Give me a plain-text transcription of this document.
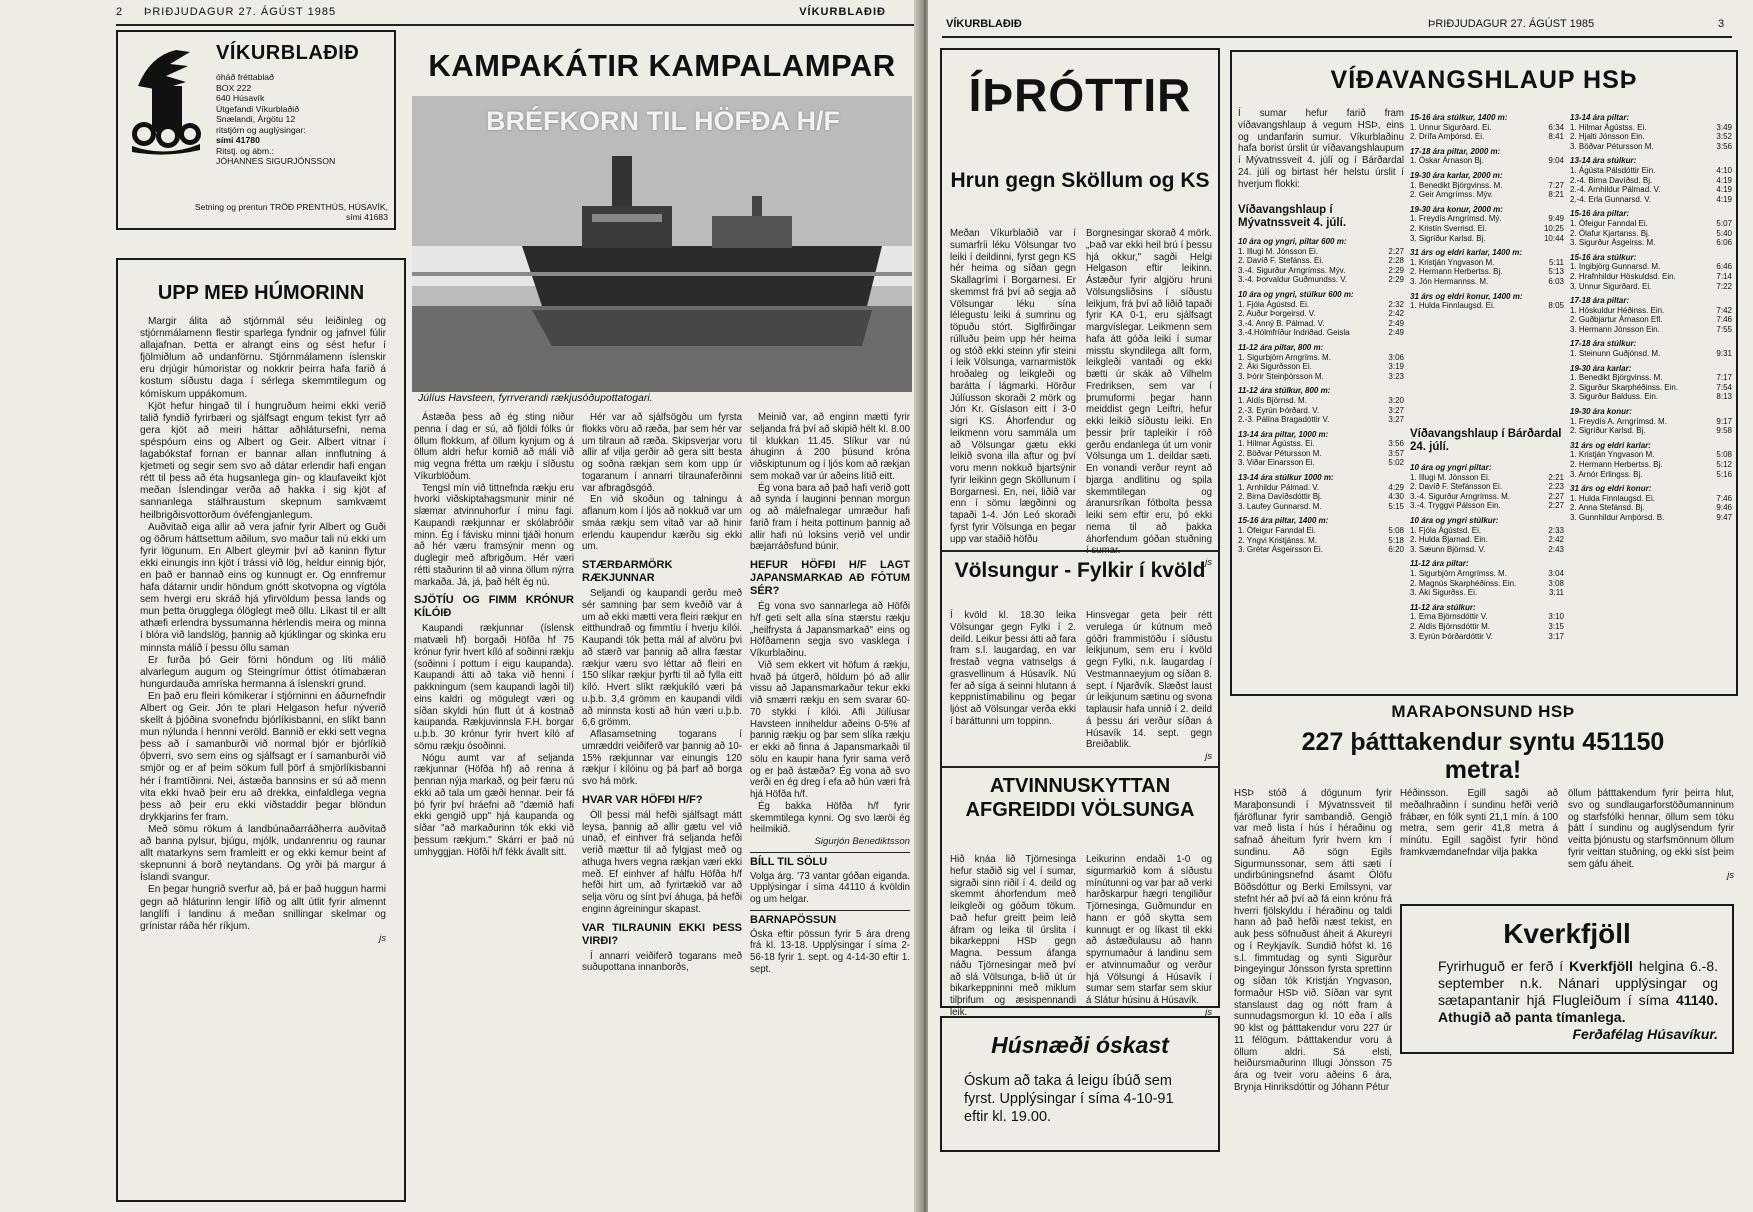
2 ÞRIÐJUDAGUR 27. ÁGÚST 1985	VÍKURBLAÐIÐ
VÍKURBLAÐIÐ
óháð fréttablað
BOX 222
640 Húsavík
Útgefandi Víkurblaðið
Snælandi, Árgötu 12
ritstjórn og auglýsingar:
sími 41780
Ritstj. og ábm.:
JÓHANNES SIGURJÓNSSON
Setning og prentun TRÖÐ PRENTHÚS, HÚSAVÍK,
sími 41683
UPP MEÐ HÚMORINN

Margir álita að stjórnmál séu leiðinleg og stjórnmálamenn flestir sparlega fyndnir og jafnvel fúlir allajafnan. Þetta er alrangt eins og sést hefur í fjölmiðlum að undanförnu. Stjórnmálamenn íslenskir eru drjúgir húmoristar og nokkrir þeirra hafa farið á kostum síðustu daga í sérlega skemmtilegum og kómískum uppákomum.

Kjöt hefur hingað til í hungruðum heimi ekki verið talið fyndið fyrirbæri og sjálfsagt engum tekist fyrr að gera kjöt að meiri háttar aðhlátursefni, nema spéspóum eins og Albert og Geir. Albert vitnar í lagabókstaf fornan er bannar allan innflutning á kjetmeti og segir sem svo að dátar erlendir hafi engan rétt til þess að éta hugsanlega gin- og klaufaveikt kjöt meðan Íslendingar verða að hakka í sig kjöt af sannanlega stálhraustum skepnum samkvæmt heilbrigðisvottorðum óvéfengjanlegum.

Auðvitað eiga allir að vera jafnir fyrir Albert og Guði og öðrum háttsettum aðilum, svo maður tali nú ekki um fyrir lögunum. En Albert gleymir því að kaninn flytur ekki einungis inn kjöt í trássi við lög, heldur einnig bjór, en það er bannað eins og kunnugt er. Og ennfremur hafa dátarnir undir höndum gnótt skotvopna og vígtóla sem hvergi eru skráð hjá yfirvöldum þessa lands og mun þetta örugglega ólöglegt með öllu. Líkast til er allt athæfi erlendra byssumanna hérlendis meira og minna í blóra við landslög, þannig að kjúklingar og skinka eru minnsta málið í þessu öllu saman

Er furða þó Geir förni höndum og líti málið alvarlegum augum og Steingrímur óttist ótímabæran hungurdauða amríska hermanna á íslenskri grund.

En það eru fleiri kómikerar í stjórninni en áðurnefndir Albert og Geir. Jón te plari Helgason hefur nýverið skellt á þjóðina svonefndu bjórlíkisbanni, en slíkt bann mun nýlunda í hennni veröld. Bannið er ekki sett vegna þess að í samanburði við normal bjór er bjórlíkið óþverri, svo sem eins og sjálfsagt er í samanburði við smjör og er af þeim sökum full þörf á smjörlíkisbanni hér í framtíðinni. Nei, ástæða bannsins er sú að menn vita ekki hvað þeir eru að drekka, einfaldlega vegna þess að þeir eru ekki viðstaddir þegar blöndun drykkjarins fer fram.

Með sömu rökum á landbúnaðarráðherra auðvitað að banna pylsur, bjúgu, mjólk, undanrennu og raunar allt matarkyns sem framleitt er og ekki kemur beint af skepnunni á borð neytandans. Og yrði þá margur á Íslandi svangur.

En þegar hungrið sverfur að, þá er það huggun harmi gegn að hláturinn lengir lífið og allt útlit fyrir almennt langlífi í landinu á meðan snillingar skelmar og grínistar ráða hér ríkjum.

js
KAMPAKÁTIR KAMPALAMPAR
BRÉFKORN TIL HÖFÐA H/F
Júlíus Havsteen, fyrrverandi rækjusóðupottatogari.

Ástæða þess að ég sting niður penna í dag er sú, að fjöldi fólks úr öllum flokkum, af öllum kynjum og á öllum aldri hefur komið að máli við mig vegna frétta um rækju í síðustu Víkurblöðum.

Tengsl mín við tittnefnda rækju eru hvorki viðskiptahagsmunir minir né slæmar atvinnuhorfur í minu fagi. Kaupandi rækjunnar er skólabróðir minn. Ég í fávisku minni tjáði honum að hér væru framsýnir menn og duglegir með afbrigðum. Hér væri rétti staðurinn til að vinna öllum nýrra markaða. Já, já, það hélt ég nú.

SJÖTÍU OG FIMM KRÓNUR KÍLÓIÐ

Kaupandi rækjunnar (íslensk matvæli hf) borgaði Höfða hf 75 krónur fyrir hvert kíló af soðinni rækju (soðinni í pottum í eigu kaupanda). Kaupandi átti að taka við henni í pakkningum (sem kaupandi lagði til) eins kaldri og mögulegt væri og síðan skyldi hún flutt út á kostnað kaupanda. Rækjuvinnsla F.H. borgar u.þ.b. 30 krónur fyrir hvert kíló af sömu rækju ósoðinni.

Nógu aumt var af seljanda rækjunnar (Höfða hf) að renna á þennan nýja markað, og þeir færu nú ekki að tala um gæði hennar. Þeir fá þó fyrir því hráefni að "dæmið hafi ekki gengið upp" hjá kaupanda og síðar "að markaðurinn tók ekki við þessum rækjum." Skárri er það nú umhyggjan. Höfði h/f fékk ávallt sitt.

Hér var að sjálfsögðu um fyrsta flokks vöru að ræða, þar sem hér var um tilraun að ræða. Skipsverjar voru allir af vilja gerðir að gera sitt besta og soðna rækjan sem kom upp úr togaranum í annarri tilraunaferðinni var afbragðsgóð.

En við skoðun og talningu á aflanum kom í ljós að nokkuð var um smáa rækju sem vitað var að hinir erlendu kaupendur kærðu sig ekki um.

STÆRÐARMÖRK RÆKJUNNAR

Seljandi og kaupandi gerðu með sér samning þar sem kveðið var á um að ekki mætti vera fleiri rækjur en eitthundrað og fimmtíu í hverju kílói. Kaupandi tók þetta mál af alvöru þvi að stærð var þannig að allra fæstar rækjur væru svo léttar að fleiri en 150 slíkar rækjur þyrfti til að fylla eitt kíló. Hvert slíkt rækjukíló væri þá u.þ.b. 3,4 grömm en kaupandi vildi að minnsta kosti að hún væri u.þ.b. 6,6 grömm.

Aflasamsetning togarans í umræddri veiðiferð var þannig að 10-15% rækjunnar var einungis 120 rækjur í kílóinu og þá þarf að borga svo há mörk.

HVAR VAR HÖFÐI H/F?

Öll þessi mál hefði sjálfsagt mátt leysa, þannig að allir gætu vel við unað, ef einhver frá seljanda hefði verið mættur til að fylgjast með og athuga hvers vegna rækjan væri ekki með. Ef einhver af hálfu Höfða h/f hefði hirt um, að fyrirtækið var að selja vöru og sínt því áhuga, þá hefði enginn ágreiningur skapast.

VAR TILRAUNIN EKKI ÞESS VIRÐI?

Í annarri veiðiferð togarans með suðupottana innanborðs,

Meinið var, að enginn mætti fyrir seljanda frá því að skipið hélt kl. 8.00 til klukkan 11.45. Slíkur var nú áhuginn á 200 þúsund króna viðskiptunum og í ljós kom að rækjan sem mokað var úr aðeins lítið eitt.

Ég vona bara að það hafi verið gott að synda í lauginni þennan morgun og að málefnalegar umræður hafi farið fram í heita pottinum þannig að allir hafi nú loksins verið vel undir bæjarráðsfund búnir.

HEFUR HÖFÐI H/F LAGT JAPANSMARKAÐ AÐ FÓTUM SÉR?

Ég vona svo sannarlega að Höfði h/f geti selt alla sína stærstu rækju „heilfrysta á Japansmarkað" eins og Höfðamenn segja svo vasklega í Víkurblaðinu.

Við sem ekkert vit höfum á rækju, hvað þá útgerð, höldum þó að allir vissu að Japansmarkaður tekur ekki við smærri rækju en sem svarar 60-70 stykki í kílói. Afli Júlíusar Havsteen inniheldur aðeins 0-5% af þannig rækju og þar sem slíka rækju er ekki að finna á Japansmarkaði til sölu en kaupir hana fyrir sama verð og er það ástæða? Ég vona að svo verði en ég dreg í efa að hún væri frá hjá Höfða h/f.

Ég bakka Höfða h/f fyrir skemmtilega kynni. Og svo læröi ég heilmikið.

Sigurjón Benediktsson
BÍLL TIL SÖLU
Volga árg. '73 vantar góðan eiganda. Upplýsingar í síma 44110 á kvöldin og um helgar.
BARNAPÖSSUN
Óska eftir pössun fyrir 5 ára dreng frá kl. 13-18. Upplýsingar í síma 2-56-18 fyrir 1. sept. og 4-14-30 eftir 1. sept.
VÍKURBLAÐIÐ	ÞRIÐJUDAGUR 27. ÁGÚST 1985	3
ÍÞRÓTTIR
Hrun gegn Sköllum og KS
Meðan Víkurblaðið var í sumarfríi léku Völsungar tvo leiki í deildinni, fyrst gegn KS hér heima og síðan gegn Skallagrími í Borgarnesi. Er skemmst frá því að segja að Völsungar léku sína lélegustu leiki á sumrinu og töpuðu stórt. Siglfirðingar rúlluðu þeim upp hér heima og stóð ekki steinn yfir steini í leik Völsunga, varnarmistök hroðaleg og leikgleði og barátta í lágmarki. Hörður Júlíusson skoraði 2 mörk og Jón Kr. Gíslason eitt í 3-0 sigri KS. Áhorfendur og leikmenn voru sammála um að Völsungar gætu ekki leikið svona illa aftur og því voru menn nokkuð bjartsýnir fyrir leikinn gegn Sköllunum í Borgarnesi. En, nei, liðið var enn í sömu lægðinni og tapaði 1-4. Jón Leó skoraði fyrst fyrir Völsunga en þegar upp var staðið höfðu
Borgnesingar skorað 4 mörk. „Það var ekki heil brú í þessu hjá okkur," sagði Helgi Helgason eftir leikinn. Ástæður fyrir algjöru hruni Völsungsliðsins í síðustu leikjum, frá því að liðið tapaði fyrir KA 0-1, eru sjálfsagt margvíslegar. Leikmenn sem hafa átt góða leiki í sumar misstu skyndilega allt form, leikgleði vantaði og ekki bætti úr skák að Vilhelm Fredriksen, sem var í þrumuformi þegar hann meiddist gegn Leiftri, hefur ekki leikið síðustu leiki. En þessir þrír tapleikir í röð gerðu endanlega út um vonir Völsunga um 1. deildar sæti. En vonandi verður reynt að bjarga andlitinu og spila skemmtilegan og áranursríkan fótbolta þessa leiki sem eftir eru, þó ekki nema til að þakka áhorfendum góðan stuðning
js
Völsungur - Fylkir í kvöld
Í kvöld kl. 18.30 leika Völsungar gegn Fylki í 2. deild. Leikur þessi átti að fara fram s.l. laugardag, en var frestað vegna vatnselgs á grasvellinum á Húsavík. Nú fer að síga á seinni hlutann á keppnistímabilinu og þegar ljóst að Völsungar verða ekki í baráttunni um toppinn.
Hinsvegar geta þeir rétt verulega úr kútnum með góðri frammistöðu í síðustu leikjunum, sem eru í kvöld gegn Fylki, n.k. laugardag í Vestmannaeyjum og síðan 8. sept. í Njarðvík. Slæðst laust úr leikjunum sætinu og svona taplausir hafa unnið í 2. deild á þessu ári verður síðan á Húsavík 14. sept. gegn Breiðablik.
js
ATVINNUSKYTTAN AFGREIDDI VÖLSUNGA
Hið knáa lið Tjörnesinga hefur staðið sig vel í sumar, sigraði sinn riðil í 4. deild og skemmt áhorfendum með leikgleði og góðum tökum. Það hefur greitt þeim leið áfram og leika til úrslita í bikarkeppni HSÞ gegn Magna. Þessum áfanga náðu Tjörnesingar með því að slá Völsunga, b-lið út úr bikarkeppninni með miklum tilþrifum og æsispennandi leik.
Leikurinn endaði 1-0 og sigurmarkið kom á síðustu mínútunni og var þar að verki harðskarpur hægri tengiliður Tjörnesinga, Guðmundur en hann er góð skytta sem kunnugt er og líkast til ekki að ástæðulausu að hann spyrnumaður á landinu sem er atvinnumaður og verður hjá Völsungi á Húsavík í sumar sem starfar sem skiur á Slátur húsinu á Húsavík.
js
Húsnæði óskast
Óskum að taka á leigu íbúð sem fyrst. Upplýsingar í síma 4-10-91 eftir kl. 19.00.
VÍÐAVANGSHLAUP HSÞ
Í sumar hefur farið fram víðavangshlaup á vegum HSÞ, eins og undanfarin sumur. Víkurblaðinu hafa borist úrslit úr víðavangshlaupum í Mývatnssveit 4. júlí og í Bárðardal 24. júlí og birtast hér helstu úrslit í hverjum flokki:
Víðavangshlaup í Mývatnssveit 4. júlí.
10 ára og yngri, piltar 600 m:
1. Illugi M. Jónsson Ei.	2:27
2. Davíð F. Stefánss. Ei.	2:28
3.-4. Sigurður Arngrímss. Mýv.	2:29
3.-4. Þorvaldur Guðmundss. V.	2:29
10 ára og yngri, stúlkur 600 m:
1. Fjóla Ágústsd. Ei.	2:32
2. Auður Þorgeirsd. V.	2:42
3.-4. Anný B. Pálmad. V.	2:49
3.-4.Hólmfríður Indriðad. Geisla	2:49
11-12 ára piltar, 800 m:
1. Sigurbjörn Arngríms. M.	3:06
2. Áki Sigurðsson Ei.	3:19
3. Þórir Steinþórsson M.	3:23
11-12 ára stúlkur, 800 m:
1. Aldís Björnsd. M.	3:20
2.-3. Eyrún Þórðard. V.	3:27
2.-3. Pálína Bragadóttir V.	3:27
13-14 ára piltar, 1000 m:
1. Hilmar Ágústss. Ei.	3:56
2. Böðvar Pétursson M.	3:57
3. Viðar Einarsson Ei.	5:02
13-14 ára stúlkur 1000 m:
1. Arnhildur Pálmad. V.	4:29
2. Birna Davíðsdóttir Bj.	4:30
3. Laufey Gunnarsd. M.	5:15
15-16 ára piltar, 1400 m:
1. Ófeigur Fanndal Ei.	5:08
2. Yngvi Kristjánss. M.	5:18
3. Grétar Ásgeirsson Ei.	6:20
15-16 ára stúlkur, 1400 m:
1. Unnur Sigurðard. Ei.	6:34
2. Drífa Arnþórsd. Ei.	8:41
17-18 ára piltar, 2000 m:
1. Óskar Árnason Bj.	9:04
19-30 ára karlar, 2000 m:
1. Benedikt Björgvinss. M.	7:27
2. Geir Arngrímss. Mýv.	8:21
19-30 ára konur, 2000 m:
1. Freydís Arngrímsd. Mý.	9:49
2. Kristín Sverrisd. Ei.	10:25
3. Sigríður Karlsd. Bj.	10:44
31 árs og eldri karlar, 1400 m:
1. Kristján Yngvason M.	5:11
2. Hermann Herbertss. Bj.	5:13
3. Jón Hermannss. M.	6:03
31 árs og eldri konur, 1400 m:
1. Hulda Finnlaugsd. Ei.	8:05
Víðavangshlaup í Bárðardal 24. júlí.
10 ára og yngri piltar:
1. Illugi M. Jónsson Ei.	2:21
2. Davíð F. Stefánsson Ei.	2:23
3.-4. Sigurður Arngrímss. M.	2:27
3.-4. Tryggvi Pálsson Ein.	2:27
10 ára og yngri stúlkur:
1. Fjóla Ágústsd. Ei.	2:33
2. Hulda Bjarnad. Ein.	2:42
3. Sæunn Björnsd. V.	2:43
11-12 ára piltar:
1. Sigurbjörn Arngrímss. M.	3:04
2. Magnús Skarphéðinss. Ein.	3:08
3. Áki Sigurðss. Ei.	3:11
11-12 ára stúlkur:
1. Erna Björnsdóttir V.	3:10
2. Aldís Björnsdóttir M.	3:15
3. Eyrún Þórðardóttir V.	3:17
13-14 ára piltar:
1. Hilmar Ágústss. Ei.	3:49
2. Hjalti Jónsson Ein.	3:52
3. Böðvar Pétursson M.	3:56
13-14 ára stúlkur:
1. Ágústa Pálsdóttir Ein.	4:10
2.-4. Birna Davíðsd. Bj.	4:19
2.-4. Arnhildur Pálmad. V.	4:19
2.-4. Erla Gunnarsd. V.	4:19
15-16 ára piltar:
1. Ófeigur Fanndal Ei.	5:07
2. Ólafur Kjartanss. Bj.	5:40
3. Sigurður Ásgeirss. M.	6:06
15-16 ára stúlkur:
1. Ingibjörg Gunnarsd. M.	6:46
2. Hrafnhildur Höskuldsd. Ein.	7:14
3. Unnur Sigurðard. Ei.	7:22
17-18 ára piltar:
1. Höskuldur Héðinss. Ein.	7:42
2. Guðbjartur Árnason Efl.	7:46
3. Hermann Jónsson Ein.	7:55
17-18 ára stúlkur:
1. Steinunn Guðjónsd. M.	9:31
19-30 ára karlar:
1. Benedikt Björgvinss. M.	7:17
2. Sigurður Skarphéðinss. Ein.	7:54
3. Sigurður Balduss. Ein.	8:13
19-30 ára konur:
1. Freydís A. Arngrímsd. M.	9:17
2. Sigríður Karlsd. Bj.	9:58
31 árs og eldri karlar:
1. Kristján Yngvason M.	5:08
2. Hermann Herbertss. Bj.	5:12
3. Arnór Erlingss. Bj.	5:16
31 árs og eldri konur:
1. Hulda Finnlaugsd. Ei.	7:46
2. Anna Stefánsd. Bj.	9:46
3. Gunnhildur Arnþórsd. B.	9:47
MARAÞONSUND HSÞ
227 þátttakendur syntu 451150 metra!
HSÞ stóð á dögunum fyrir Maraþonsundi í Mývatnssveit til fjáröflunar fyrir sambandið. Gengið var með lista í hús í héraðinu og safnað áheitum fyrir hvern km í sundinu. Að sögn Egils Sigurmunssonar, sem átti sæti í undirbúningsnefnd ásamt Ólöfu Böðsdóttur og Berki Emilssyni, var stefnt hér að því að fá einn krónu frá hverri fjölskyldu í héraðinu og taldi hann að það hefði næst tekist, en auk þess söfnuðust áheit á Akureyri og í Reykjavík. Sundið hófst kl. 16 s.l. fimmtudag og synti Sigurður Þingeyingur Jónsson fyrsta sprettinn og síðan tók Kristján Yngvason, formaður HSÞ við. Síðan var synt stanslaust dag og nótt fram á sunnudagsmorgun kl. 10 eða í alls 90 klst og þátttakendur voru 227 úr 11 félögum. Þátttakendur voru á öllum aldri. Sá elsti, heiðursmaðurinn Illugi Jónsson 75 ára og tveir voru aðeins 6 ára, Brynja Hinriksdóttir og Jóhann Pétur
Héðinsson. Egill sagði að meðalhraðinn í sundinu hefði verið frábær, en fólk synti 21,1 mín. á 100 metra, sem gerir 41,8 metra á mínútu. Egill sagðist fyrir hönd framkvæmdanefndar vilja þakka
öllum þátttakendum fyrir þeirra hlut, svo og sundlaugarforstöðumanninum og starfsfólki hennar, öllum sem tóku þátt í sundinu og auglýsendum fyrir veitta þjónustu og starfsmönnum öllum fyrir veittan stuðning, og ekki síst þeim sem gáfu áheit.
js
Kverkfjöll
Fyrirhuguð er ferð í Kverkfjöll helgina 6.-8. september n.k. Nánari upplýsingar og sætapantanir hjá Flugleiðum í síma 41140. Athugið að panta tímanlega.
Ferðafélag Húsavíkur.
